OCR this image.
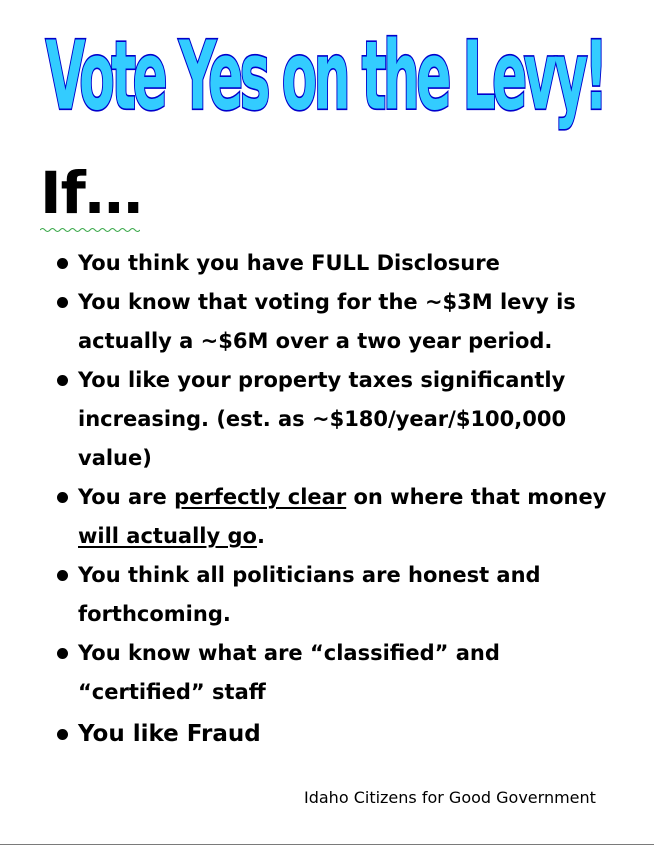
Vote Yes on the Levy!
If…
You think you have FULL Disclosure
You know that voting for the ~$3M levy is actually a ~$6M over a two year period.
You like your property taxes significantly increasing. (est. as ~$180/year/$100,000 value)
You are perfectly clear on where that money will actually go.
You think all politicians are honest and forthcoming.
You know what are “classified” and “certified” staff
You like Fraud

Idaho Citizens for Good Government
